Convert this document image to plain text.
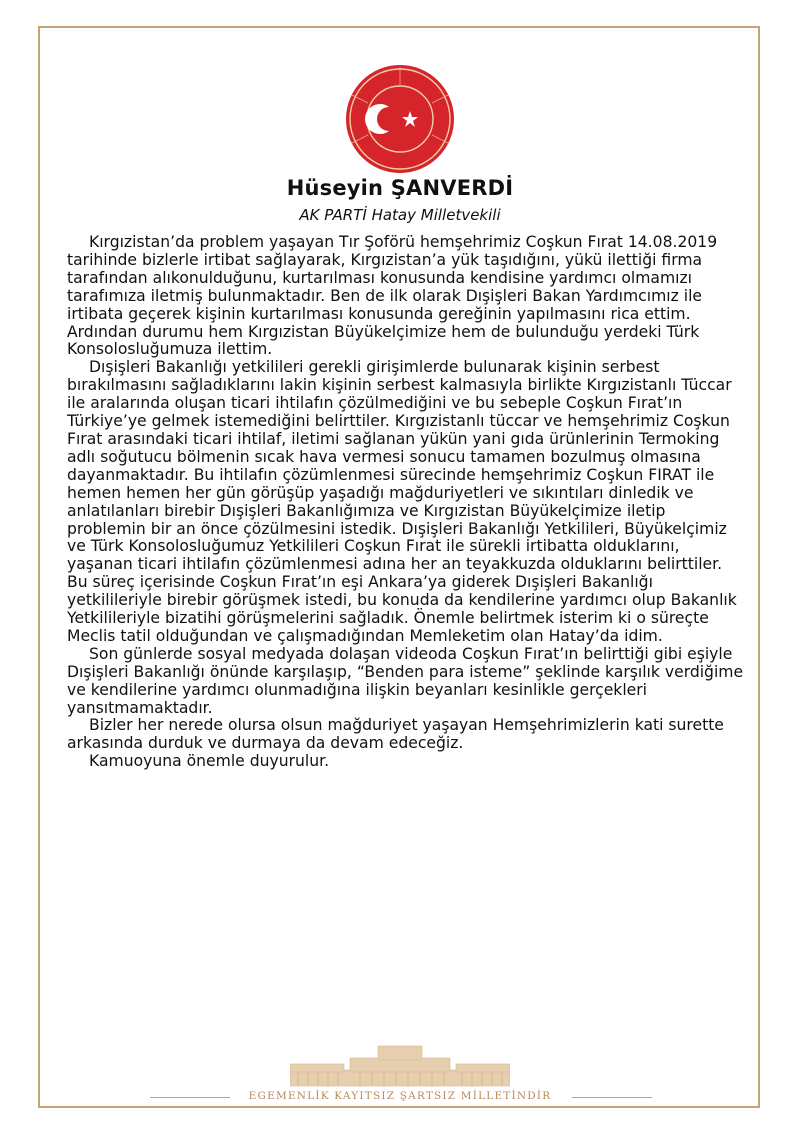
Hüseyin ŞANVERDİ
AK PARTİ Hatay Milletvekili

Kırgızistan’da problem yaşayan Tır Şoförü hemşehrimiz Coşkun Fırat 14.08.2019 tarihinde bizlerle irtibat sağlayarak, Kırgızistan’a yük taşıdığını, yükü ilettiği firma tarafından alıkonulduğunu, kurtarılması konusunda kendisine yardımcı olmamızı tarafımıza iletmiş bulunmaktadır. Ben de ilk olarak Dışişleri Bakan Yardımcımız ile irtibata geçerek kişinin kurtarılması konusunda gereğinin yapılmasını rica ettim. Ardından durumu hem Kırgızistan Büyükelçimize hem de bulunduğu yerdeki Türk Konsolosluğumuza ilettim.

Dışişleri Bakanlığı yetkilileri gerekli girişimlerde bulunarak kişinin serbest bırakılmasını sağladıklarını lakin kişinin serbest kalmasıyla birlikte Kırgızistanlı Tüccar ile aralarında oluşan ticari ihtilafın çözülmediğini ve bu sebeple Coşkun Fırat’ın Türkiye’ye gelmek istemediğini belirttiler. Kırgızistanlı tüccar ve hemşehrimiz Coşkun Fırat arasındaki ticari ihtilaf, iletimi sağlanan yükün yani gıda ürünlerinin Termoking adlı soğutucu bölmenin sıcak hava vermesi sonucu tamamen bozulmuş olmasına dayanmaktadır. Bu ihtilafın çözümlenmesi sürecinde hemşehrimiz Coşkun FIRAT ile hemen hemen her gün görüşüp yaşadığı mağduriyetleri ve sıkıntıları dinledik ve anlatılanları birebir Dışişleri Bakanlığımıza ve Kırgızistan Büyükelçimize iletip problemin bir an önce çözülmesini istedik. Dışişleri Bakanlığı Yetkilileri, Büyükelçimiz ve Türk Konsolosluğumuz Yetkilileri Coşkun Fırat ile sürekli irtibatta olduklarını, yaşanan ticari ihtilafın çözümlenmesi adına her an teyakkuzda olduklarını belirttiler. Bu süreç içerisinde Coşkun Fırat’ın eşi Ankara’ya giderek Dışişleri Bakanlığı yetkilileriyle birebir görüşmek istedi, bu konuda da kendilerine yardımcı olup Bakanlık Yetkilileriyle bizatihi görüşmelerini sağladık. Önemle belirtmek isterim ki o süreçte Meclis tatil olduğundan ve çalışmadığından Memleketim olan Hatay’da idim.

Son günlerde sosyal medyada dolaşan videoda Coşkun Fırat’ın belirttiği gibi eşiyle Dışişleri Bakanlığı önünde karşılaşıp, “Benden para isteme” şeklinde karşılık verdiğime ve kendilerine yardımcı olunmadığına ilişkin beyanları kesinlikle gerçekleri yansıtmamaktadır.

Bizler her nerede olursa olsun mağduriyet yaşayan Hemşehrimizlerin kati surette arkasında durduk ve durmaya da devam edeceğiz.

Kamuoyuna önemle duyurulur.

EGEMENLİK KAYITSIZ ŞARTSIZ MİLLETİNDİR
